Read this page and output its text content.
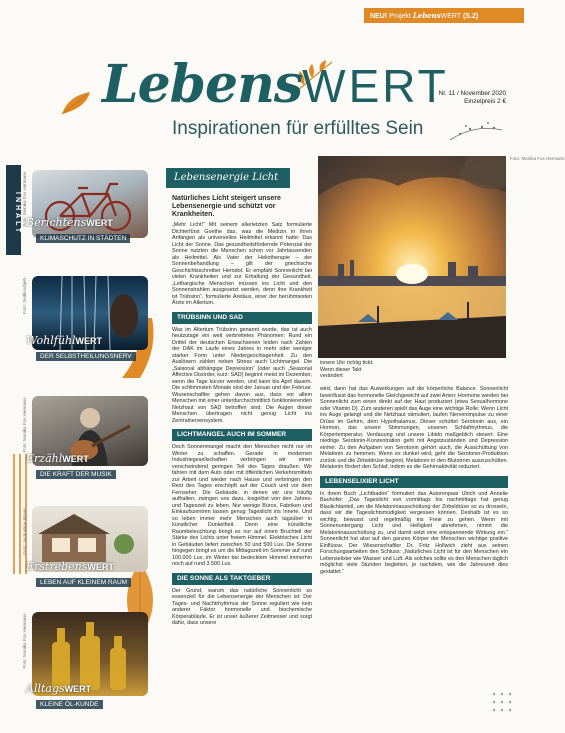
NEU! Projekt LebensWERT (S.2)
LebensWERT
Inspirationen für erfülltes Sein
Nr. 11 / November 2020
Einzelpreis 2 €
INHALT BerichtensWERT
KLIMASCHUTZ IN STÄDTEN
Foto: Monika Fox Hermann
WohlfühlWERT
DER SELBSTHEILUNGSNERV
Foto: Sedikoubjeh
ErzählWERT
DIE KRAFT DER MUSIK
Foto: Monika Fox Hermann
ErstrebensWERT
LEBEN AUF KLEINEM RAUM
Foto: Jacqueline Meyer
AlltagsWERT
KLEINE ÖL-KUNDE
Foto: Monika Fox Hermann
Lebensenergie Licht
Foto: Monika Fox Hermann
Natürliches Licht steigert unsere Lebensenergie und schützt vor Krankheiten.

„Mehr Licht!“ Mit seinem allerletzten Satz formulierte Dichterfürst Goethe das, was die Medizin in ihren Anfängen als universelles Heilmittel erkannt hatte: Das Licht der Sonne. Das gesundheitsfördernde Potenzial der Sonne nutzten die Menschen schon vor Jahrtausenden als Heilmittel. Als Vater der Heliotherapie – der Sonnenbehandlung – gilt der griechische Geschichtsschreiber Herodot. Er empfahl Sonnenlicht bei vielen Krankheiten und zur Erhaltung der Gesundheit. „Lethargische Menschen müssen ins Licht und den Sonnenstrahlen ausgesetzt werden, denn ihre Krankheit ist Trübsinn“, formulierte Aretäus, einer der berühmtesten Ärzte im Altertum.

TRÜBSINN UND SAD

Was im Altertum Trübsinn genannt wurde, das ist auch heutzutage ein weit verbreitetes Phänomen: Rund ein Drittel der deutschen Erwachsenen leiden nach Zahlen der DAK im Laufe eines Jahres in mehr oder weniger starker Form unter Niedergeschlagenheit. Zu den Auslösern zählen neben Stress auch Lichtmangel. Die „Saisonal abhängige Depression“ (oder auch „Seasonal Affective Disorder, kurz: SAD) beginnt meist im Dezember, wenn die Tage kürzer werden, und kann bis April dauern. Die schlimmsten Monate sind der Januar und der Februar. Wissenschaftler gehen davon aus, dass vor allem Menschen mit einer unterdurchschnittlich funktionierenden Netzhaut von SAD betroffen sind. Die Augen dieser Menschen übertragen nicht genug Licht ins Zentralnervensystem.

LICHTMANGEL AUCH IM SOMMER

Doch Sonnenmangel macht den Menschen nicht nur im Winter zu schaffen. Gerade in modernen Industriegesellschaften verbringen wir einen verschwindend geringen Teil des Tages draußen. Wir fahren mit dem Auto oder mit öffentlichen Verkehrsmitteln zur Arbeit und wieder nach Hause und verbringen den Rest des Tages erschöpft auf der Couch und vor dem Fernseher. Die Gebäude, in denen wir uns häufig aufhalten, zwingen uns dazu, losgelöst von den Jahres- und Tageszeit zu leben. Nur wenige Büros, Fabriken und Einkaufszentren lassen genug Tageslicht ins Innere. Und so leben immer mehr Menschen auch tagsüber in künstlicher Dunkelheit. Denn eine künstliche Raumbeleuchtung bringt es nur auf einen Bruchteil der Stärke des Lichts unter freiem Himmel. Elektrisches Licht in Gebäuden liefert zwischen 50 und 500 Lux. Die Sonne hingegen bringt es um die Mittagszeit im Sommer auf rund 100.000 Lux, im Winter bei bedecktem Himmel immerhin noch auf rund 3.500 Lux.

DIE SONNE ALS TAKTGEBER

Der Grund, warum das natürliche Sonnenlicht so essenziell für die Lebensenergie der Menschen ist: Der Tages- und Nachtrhythmus der Sonne reguliert wie kein anderer Faktor hormonelle und biochemische Körperabläufe. Er ist unser äußerer Zeitmesser und sorgt dafür, dass unsere

innere Uhr richtig tickt. Wenn dieser Takt verändert

wird, dann hat das Auswirkungen auf die körperliche Balance. Sonnenlicht beeinflusst das hormonelle Gleichgewicht auf zwei Arten: Hormone werden bei Sonnenlicht zum einen direkt auf der Haut produziert (etwa Sexualhormone oder Vitamin D). Zum anderen spielt das Auge eine wichtige Rolle: Wenn Licht ins Auge gelangt und die Netzhaut stimuliert, laufen Nervenimpulse zu einer Drüse im Gehirn, dem Hypothalamus. Dieser schüttet Serotonin aus, ein Hormon, das unsere Stimmungen, unseren Schlafrhythmus, die Körpertemperatur, Verdauung und unsere Libido maßgeblich steuert. Eine niedrige Serotonin-Konzentration geht mit Angstzuständen und Depression einher. Zu den Aufgaben von Serotonin gehört auch, die Ausschüttung von Melatonin zu hemmen. Wenn es dunkel wird, geht die Serotonin-Produktion zurück und die Zirbeldrüse beginnt, Melatonin in den Blutstrom auszuschütten. Melatonin fördert den Schlaf, indem es die Gehirnaktivität reduziert.

LEBENSELIXIER LICHT

In ihrem Buch „Lichtbaden“ formuliert das Autorenpaar Ulrich und Annelie Bauhofer: „Das Tageslicht von vormittags bis nachmittags hat genug Blaulichtanteil, um die Melatoninausschüttung der Zirbeldrüse so zu drosseln, dass wir die Tageslichtsmüdigkeit vergessen können. Deshalb ist es so wichtig, bewusst und regelmäßig ins Freie zu gehen. Wenn mit Sonnenuntergang Licht und Helligkeit abnehmen, nimmt die Melatoninausschüttung zu, und damit setzt eine entspannende Wirkung ein.“ Sonnenlicht hat also auf den ganzen Körper der Menschen wichtige positive Einflüsse. Der Wissenschaftler Dr. Fritz Hollwich zieht aus seinen Forschungsarbeiten den Schluss: „Natürliches Licht ist für den Menschen ein Lebenselixier wie Wasser und Luft. Als solches sollte es den Menschen täglich möglichst viele Stunden begleiten, je nachdem, wie die Jahreszeit dies gestattet.“
